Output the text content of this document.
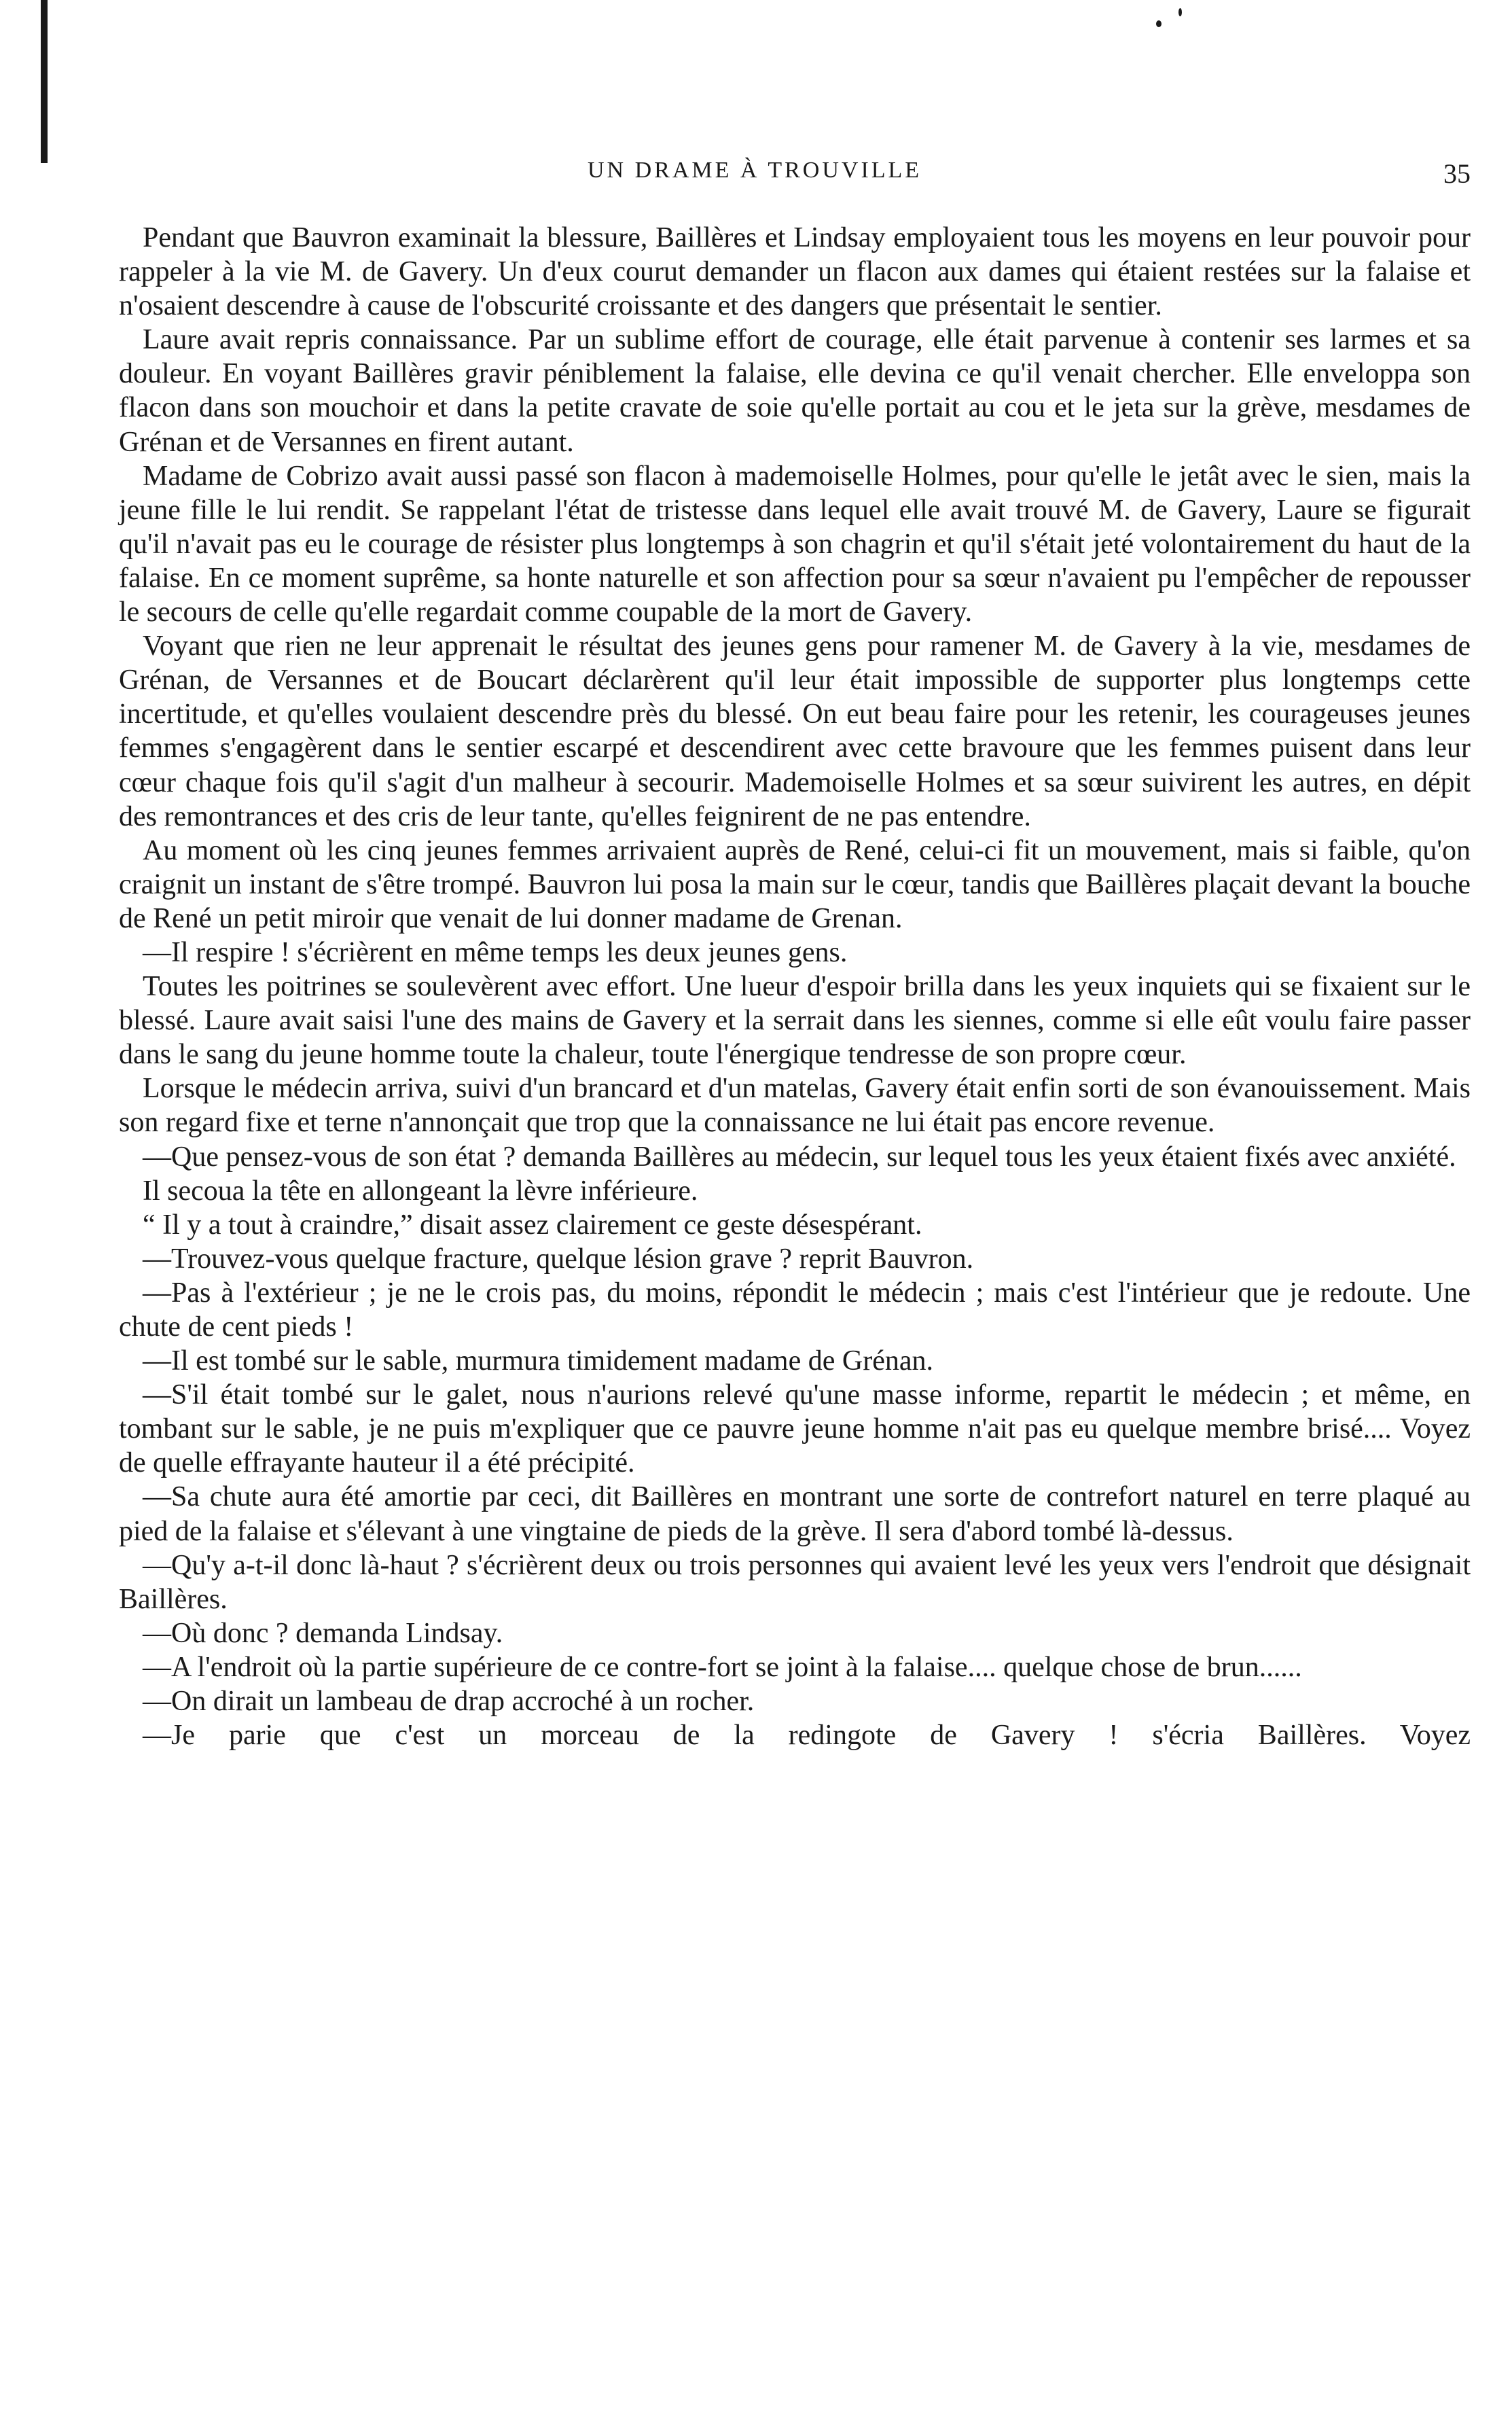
UN DRAME À TROUVILLE	35

Pendant que Bauvron examinait la blessure, Baillères et Lindsay employaient tous les moyens en leur pouvoir pour rappeler à la vie M. de Gavery. Un d'eux courut demander un flacon aux dames qui étaient restées sur la falaise et n'osaient descendre à cause de l'obscurité croissante et des dangers que présentait le sentier.

Laure avait repris connaissance. Par un sublime effort de courage, elle était parvenue à contenir ses larmes et sa douleur. En voyant Baillères gravir péniblement la falaise, elle devina ce qu'il venait chercher. Elle enveloppa son flacon dans son mouchoir et dans la petite cravate de soie qu'elle portait au cou et le jeta sur la grève, mesdames de Grénan et de Versannes en firent autant.

Madame de Cobrizo avait aussi passé son flacon à mademoiselle Holmes, pour qu'elle le jetât avec le sien, mais la jeune fille le lui rendit. Se rappelant l'état de tristesse dans lequel elle avait trouvé M. de Gavery, Laure se figurait qu'il n'avait pas eu le courage de résister plus longtemps à son chagrin et qu'il s'était jeté volontairement du haut de la falaise. En ce moment suprême, sa honte naturelle et son affection pour sa sœur n'avaient pu l'empêcher de repousser le secours de celle qu'elle regardait comme coupable de la mort de Gavery.

Voyant que rien ne leur apprenait le résultat des jeunes gens pour ramener M. de Gavery à la vie, mesdames de Grénan, de Versannes et de Boucart déclarèrent qu'il leur était impossible de supporter plus longtemps cette incertitude, et qu'elles voulaient descendre près du blessé. On eut beau faire pour les retenir, les courageuses jeunes femmes s'engagèrent dans le sentier escarpé et descendirent avec cette bravoure que les femmes puisent dans leur cœur chaque fois qu'il s'agit d'un malheur à secourir. Mademoiselle Holmes et sa sœur suivirent les autres, en dépit des remontrances et des cris de leur tante, qu'elles feignirent de ne pas entendre.

Au moment où les cinq jeunes femmes arrivaient auprès de René, celui-ci fit un mouvement, mais si faible, qu'on craignit un instant de s'être trompé. Bauvron lui posa la main sur le cœur, tandis que Baillères plaçait devant la bouche de René un petit miroir que venait de lui donner madame de Grenan.

—Il respire ! s'écrièrent en même temps les deux jeunes gens.

Toutes les poitrines se soulevèrent avec effort. Une lueur d'espoir brilla dans les yeux inquiets qui se fixaient sur le blessé. Laure avait saisi l'une des mains de Gavery et la serrait dans les siennes, comme si elle eût voulu faire passer dans le sang du jeune homme toute la chaleur, toute l'énergique tendresse de son propre cœur.

Lorsque le médecin arriva, suivi d'un brancard et d'un matelas, Gavery était enfin sorti de son évanouissement. Mais son regard fixe et terne n'annonçait que trop que la connaissance ne lui était pas encore revenue.

—Que pensez-vous de son état ? demanda Baillères au médecin, sur lequel tous les yeux étaient fixés avec anxiété.

Il secoua la tête en allongeant la lèvre inférieure.

“ Il y a tout à craindre,” disait assez clairement ce geste désespérant.

—Trouvez-vous quelque fracture, quelque lésion grave ? reprit Bauvron.

—Pas à l'extérieur ; je ne le crois pas, du moins, répondit le médecin ; mais c'est l'intérieur que je redoute. Une chute de cent pieds !

—Il est tombé sur le sable, murmura timidement madame de Grénan.

—S'il était tombé sur le galet, nous n'aurions relevé qu'une masse informe, repartit le médecin ; et même, en tombant sur le sable, je ne puis m'expliquer que ce pauvre jeune homme n'ait pas eu quelque membre brisé.... Voyez de quelle effrayante hauteur il a été précipité.

—Sa chute aura été amortie par ceci, dit Baillères en montrant une sorte de contrefort naturel en terre plaqué au pied de la falaise et s'élevant à une vingtaine de pieds de la grève. Il sera d'abord tombé là-dessus.

—Qu'y a-t-il donc là-haut ? s'écrièrent deux ou trois personnes qui avaient levé les yeux vers l'endroit que désignait Baillères.

—Où donc ? demanda Lindsay.

—A l'endroit où la partie supérieure de ce contre-fort se joint à la falaise.... quelque chose de brun......

—On dirait un lambeau de drap accroché à un rocher.

—Je parie que c'est un morceau de la redingote de Gavery ! s'écria Baillères. Voyez
